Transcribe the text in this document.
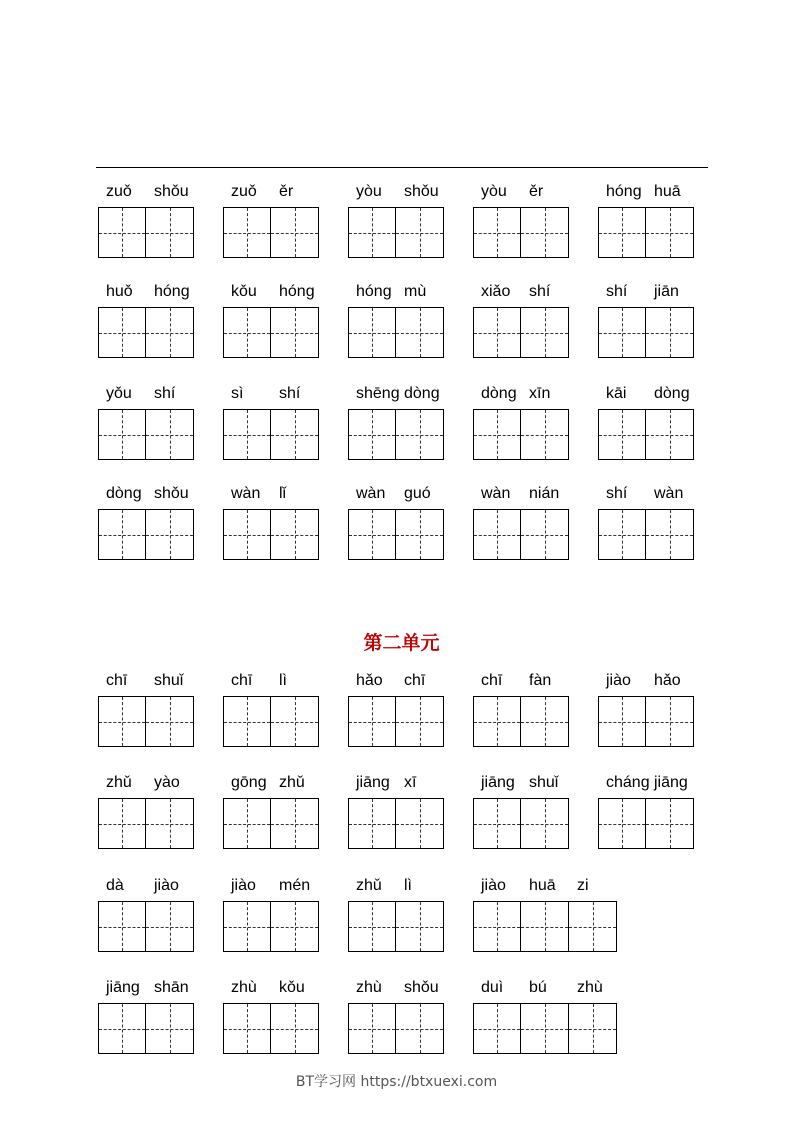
zuǒ shǒu	zuǒ ěr	yòu shǒu	yòu ěr	hóng huā
huǒ hóng	kǒu hóng	hóng mù	xiǎo shí	shí jiān
yǒu shí	sì shí	shēng dòng	dòng xīn	kāi dòng
dòng shǒu	wàn lǐ	wàn guó	wàn nián	shí wàn
第二单元
chī shuǐ	chī lì	hǎo chī	chī fàn	jiào hǎo
zhǔ yào	gōng zhǔ	jiāng xī	jiāng shuǐ	cháng jiāng
dà jiào	jiào mén	zhǔ lì	jiào huā zi
jiāng shān	zhù kǒu	zhù shǒu	duì bú zhù
BT学习网 https://btxuexi.com
